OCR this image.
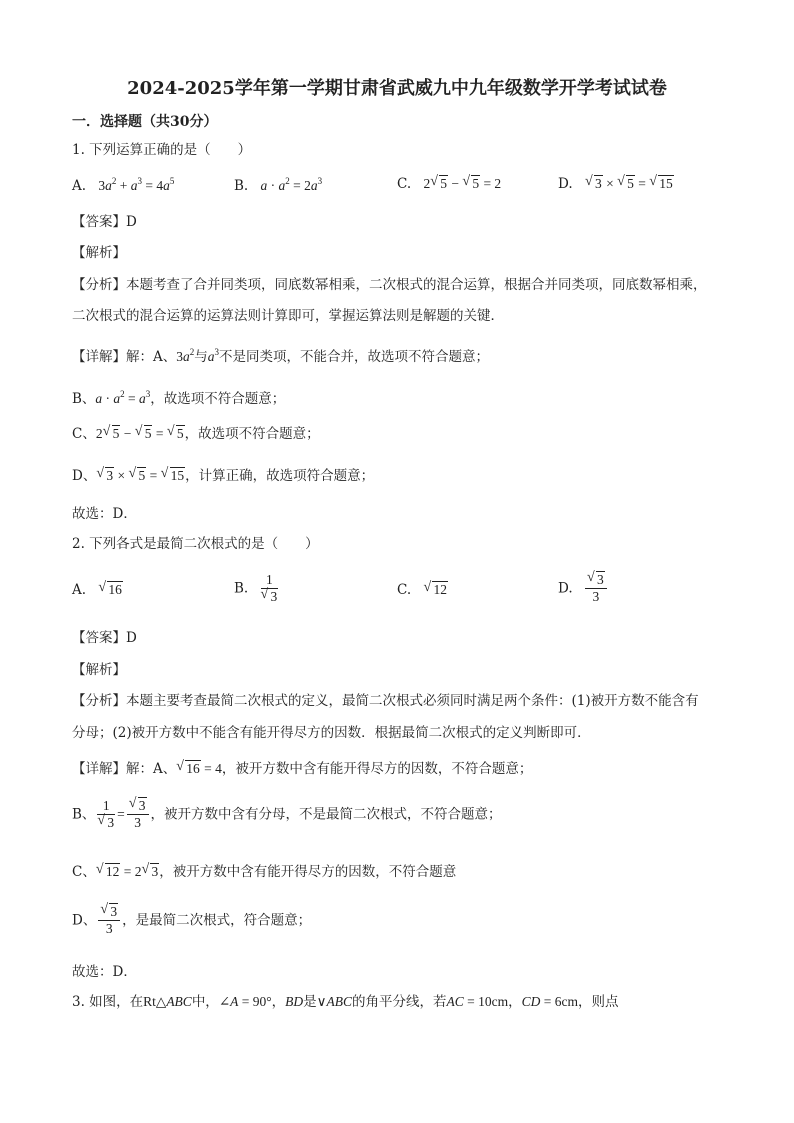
2024-2025学年第一学期甘肃省武威九中九年级数学开学考试试卷
一．选择题（共30分）
1. 下列运算正确的是（　　）
A. $3a^2 + a^3 = 4a^5$	B. $a \cdot a^2 = 2a^3$	C. 2 √ 5 − √ 5 = 2	D. √ 3 × √ 5 = √ 15
【答案】D
【解析】
【分析】本题考查了合并同类项，同底数幂相乘，二次根式的混合运算，根据合并同类项，同底数幂相乘，
二次根式的混合运算的运算法则计算即可，掌握运算法则是解题的关键．
【详解】解：A、$3a^2$与$a^3$不是同类项，不能合并，故选项不符合题意；
B、$a \cdot a^2 = a^3$，故选项不符合题意；
C、2 √ 5 − √ 5 = √ 5，故选项不符合题意；
D、 √ 3 × √ 5 = √ 15，计算正确，故选项符合题意；
故选：D．
2. 下列各式是最简二次根式的是（　　）
A. √ 16	B. 1
√ 3	C. √ 12	D. √ $\frac{3}{3}$
【答案】D
【解析】
【分析】本题主要考查最简二次根式的定义，最简二次根式必须同时满足两个条件：(1)被开方数不能含有
分母；(2)被开方数中不能含有能开得尽方的因数．根据最简二次根式的定义判断即可．
【详解】解：A、 √ 16 = 4，被开方数中含有能开得尽方的因数，不符合题意；
B、 1
√ 3 = √ $\frac{3}{3}$ ，被开方数中含有分母，不是最简二次根式，不符合题意；
C、 √ 12 = 2 √ 3，被开方数中含有能开得尽方的因数，不符合题意
D、 √ $\frac{3}{3}$ ，是最简二次根式，符合题意；
故选：D．
3. 如图，在Rt△ABC中，∠A = 90°，BD是∨ABC的角平分线，若AC = 10cm，CD = 6cm，则点
